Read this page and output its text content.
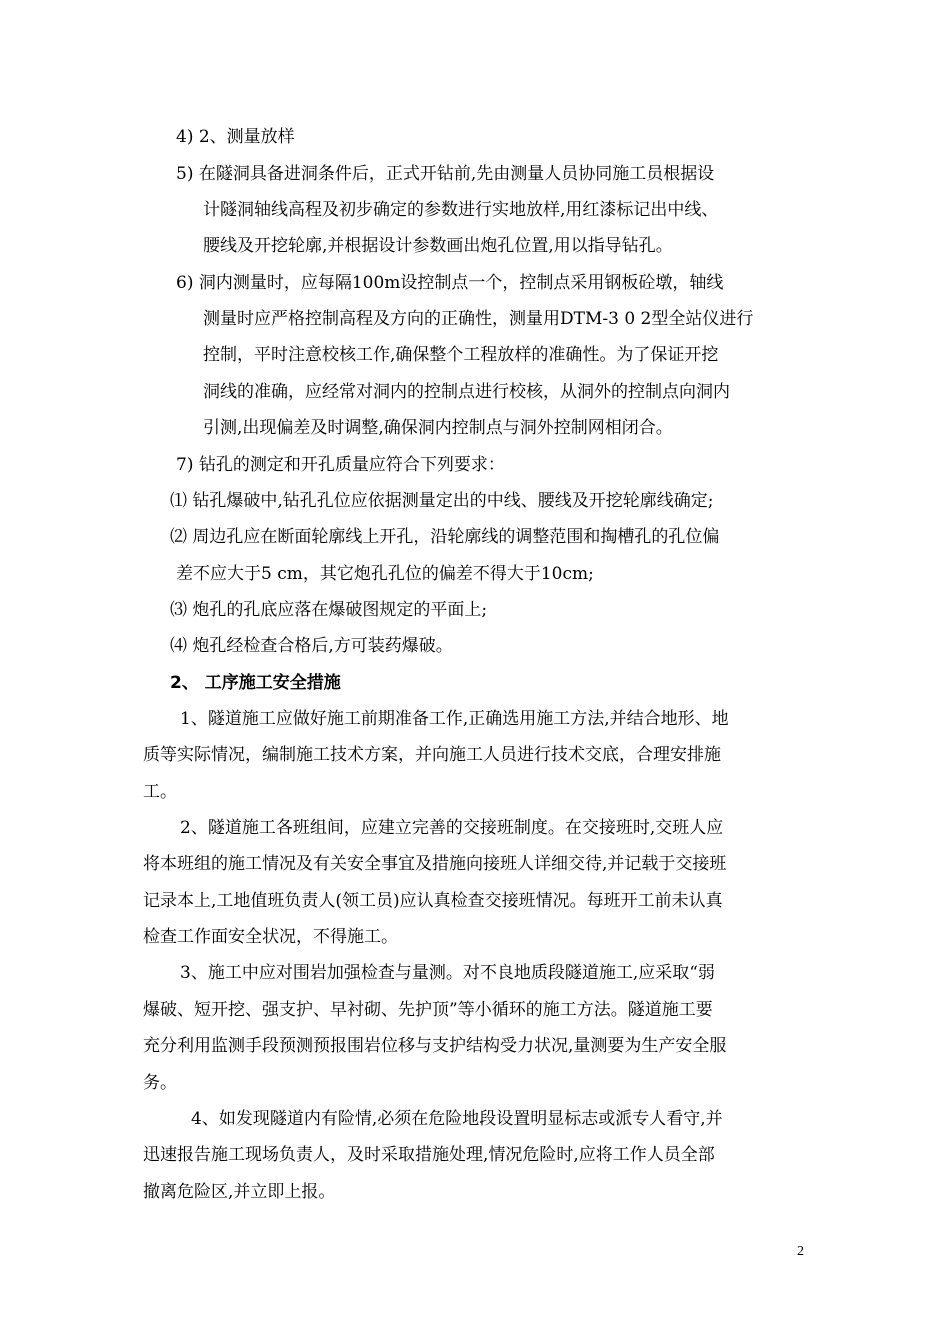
4) 2、测量放样
5) 在隧洞具备进洞条件后，正式开钻前,先由测量人员协同施工员根据设
计隧洞轴线高程及初步确定的参数进行实地放样,用红漆标记出中线、
腰线及开挖轮廓,并根据设计参数画出炮孔位置,用以指导钻孔。
6) 洞内测量时，应每隔100m设控制点一个，控制点采用钢板砼墩，轴线
测量时应严格控制高程及方向的正确性，测量用DTM-3 0 2型全站仪进行
控制，平时注意校核工作,确保整个工程放样的准确性。为了保证开挖
洞线的准确，应经常对洞内的控制点进行校核，从洞外的控制点向洞内
引测,出现偏差及时调整,确保洞内控制点与洞外控制网相闭合。
7) 钻孔的测定和开孔质量应符合下列要求：
⑴ 钻孔爆破中,钻孔孔位应依据测量定出的中线、腰线及开挖轮廓线确定;
⑵ 周边孔应在断面轮廓线上开孔，沿轮廓线的调整范围和掏槽孔的孔位偏
差不应大于5 cm，其它炮孔孔位的偏差不得大于10cm;
⑶ 炮孔的孔底应落在爆破图规定的平面上;
⑷ 炮孔经检查合格后,方可装药爆破。
2、 工序施工安全措施
1、隧道施工应做好施工前期准备工作,正确选用施工方法,并结合地形、地
质等实际情况，编制施工技术方案，并向施工人员进行技术交底，合理安排施
工。
2、隧道施工各班组间，应建立完善的交接班制度。在交接班时,交班人应
将本班组的施工情况及有关安全事宜及措施向接班人详细交待,并记载于交接班
记录本上,工地值班负责人(领工员)应认真检查交接班情况。每班开工前未认真
检查工作面安全状况，不得施工。
3、施工中应对围岩加强检查与量测。对不良地质段隧道施工,应采取“弱
爆破、短开挖、强支护、早衬砌、先护顶”等小循环的施工方法。隧道施工要
充分利用监测手段预测预报围岩位移与支护结构受力状况,量测要为生产安全服
务。
4、如发现隧道内有险情,必须在危险地段设置明显标志或派专人看守,并
迅速报告施工现场负责人，及时采取措施处理,情况危险时,应将工作人员全部
撤离危险区,并立即上报。
2
